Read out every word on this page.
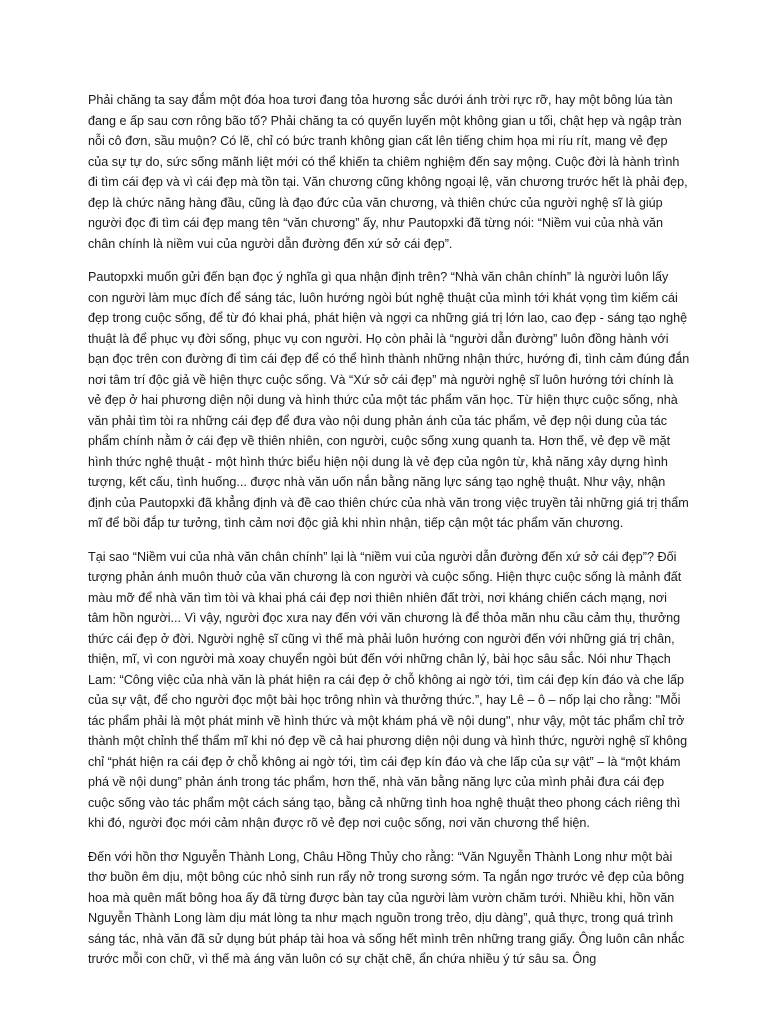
Phải chăng ta say đắm một đóa hoa tươi đang tỏa hương sắc dưới ánh trời rực rỡ, hay một bông lúa tàn đang e ấp sau cơn rông bão tố? Phải chăng ta có quyến luyến một không gian u tối, chật hẹp và ngập tràn nỗi cô đơn, sầu muộn? Có lẽ, chỉ có bức tranh không gian cất lên tiếng chim họa mi ríu rít, mang vẻ đẹp của sự tự do, sức sống mãnh liệt mới có thể khiến ta chiêm nghiệm đến say mộng. Cuộc đời là hành trình đi tìm cái đẹp và vì cái đẹp mà tồn tại. Văn chương cũng không ngoại lệ, văn chương trước hết là phải đẹp, đẹp là chức năng hàng đầu, cũng là đạo đức của văn chương, và thiên chức của người nghệ sĩ là giúp người đọc đi tìm cái đẹp mang tên “văn chương” ấy, như Pautopxki đã từng nói: “Niềm vui của nhà văn chân chính là niềm vui của người dẫn đường đến xứ sở cái đẹp”.

Pautopxki muốn gửi đến bạn đọc ý nghĩa gì qua nhận định trên? “Nhà văn chân chính” là người luôn lấy con người làm mục đích để sáng tác, luôn hướng ngòi bút nghệ thuật của mình tới khát vọng tìm kiếm cái đẹp trong cuộc sống, để từ đó khai phá, phát hiện và ngợi ca những giá trị lớn lao, cao đẹp - sáng tạo nghệ thuật là để phục vụ đời sống, phục vụ con người. Họ còn phải là “người dẫn đường” luôn đồng hành với bạn đọc trên con đường đi tìm cái đẹp để có thể hình thành những nhận thức, hướng đi, tình cảm đúng đắn nơi tâm trí độc giả về hiện thực cuộc sống. Và “Xứ sở cái đẹp” mà người nghệ sĩ luôn hướng tới chính là vẻ đẹp ở hai phương diện nội dung và hình thức của một tác phẩm văn học. Từ hiện thực cuộc sống, nhà văn phải tìm tòi ra những cái đẹp để đưa vào nội dung phản ánh của tác phẩm, vẻ đẹp nội dung của tác phẩm chính nằm ở cái đẹp về thiên nhiên, con người, cuộc sống xung quanh ta. Hơn thế, vẻ đẹp về mặt hình thức nghệ thuật - một hình thức biểu hiện nội dung là vẻ đẹp của ngôn từ, khả năng xây dựng hình tượng, kết cấu, tình huống... được nhà văn uốn nắn bằng năng lực sáng tạo nghệ thuật. Như vậy, nhận định của Pautopxki đã khẳng định và đề cao thiên chức của nhà văn trong việc truyền tải những giá trị thẩm mĩ để bồi đắp tư tưởng, tình cảm nơi độc giả khi nhìn nhận, tiếp cận một tác phẩm văn chương.

Tại sao “Niềm vui của nhà văn chân chính” lại là “niềm vui của người dẫn đường đến xứ sở cái đẹp”? Đối tượng phản ánh muôn thuở của văn chương là con người và cuộc sống. Hiện thực cuộc sống là mảnh đất màu mỡ để nhà văn tìm tòi và khai phá cái đẹp nơi thiên nhiên đất trời, nơi kháng chiến cách mạng, nơi tâm hồn người... Vì vậy, người đọc xưa nay đến với văn chương là để thỏa mãn nhu cầu cảm thụ, thưởng thức cái đẹp ở đời. Người nghệ sĩ cũng vì thế mà phải luôn hướng con người đến với những giá trị chân, thiện, mĩ, vì con người mà xoay chuyển ngòi bút đến với những chân lý, bài học sâu sắc. Nói như Thạch Lam: “Công việc của nhà văn là phát hiện ra cái đẹp ở chỗ không ai ngờ tới, tìm cái đẹp kín đáo và che lấp của sự vật, để cho người đọc một bài học trông nhìn và thưởng thức.”, hay Lê – ô – nốp lại cho rằng: "Mỗi tác phẩm phải là một phát minh về hình thức và một khám phá về nội dung", như vậy, một tác phẩm chỉ trở thành một chỉnh thể thẩm mĩ khi nó đẹp về cả hai phương diện nội dung và hình thức, người nghệ sĩ không chỉ “phát hiện ra cái đẹp ở chỗ không ai ngờ tới, tìm cái đẹp kín đáo và che lấp của sự vật” – là “một khám phá về nội dung” phản ánh trong tác phẩm, hơn thế, nhà văn bằng năng lực của mình phải đưa cái đẹp cuộc sống vào tác phẩm một cách sáng tạo, bằng cả những tình hoa nghệ thuật theo phong cách riêng thì khi đó, người đọc mới cảm nhận được rõ vẻ đẹp nơi cuộc sống, nơi văn chương thể hiện.

Đến với hồn thơ Nguyễn Thành Long, Châu Hồng Thủy cho rằng: “Văn Nguyễn Thành Long như một bài thơ buồn êm dịu, một bông cúc nhỏ sinh run rẩy nở trong sương sớm. Ta ngắn ngơ trước vẻ đẹp của bông hoa mà quên mất bông hoa ấy đã từng được bàn tay của người làm vườn chăm tưới. Nhiều khi, hồn văn Nguyễn Thành Long làm dịu mát lòng ta như mạch nguồn trong trẻo, dịu dàng”, quả thực, trong quá trình sáng tác, nhà văn đã sử dụng bút pháp tài hoa và sống hết mình trên những trang giấy. Ông luôn cân nhắc trước mỗi con chữ, vì thế mà áng văn luôn có sự chặt chẽ, ẩn chứa nhiều ý tứ sâu sa. Ông
